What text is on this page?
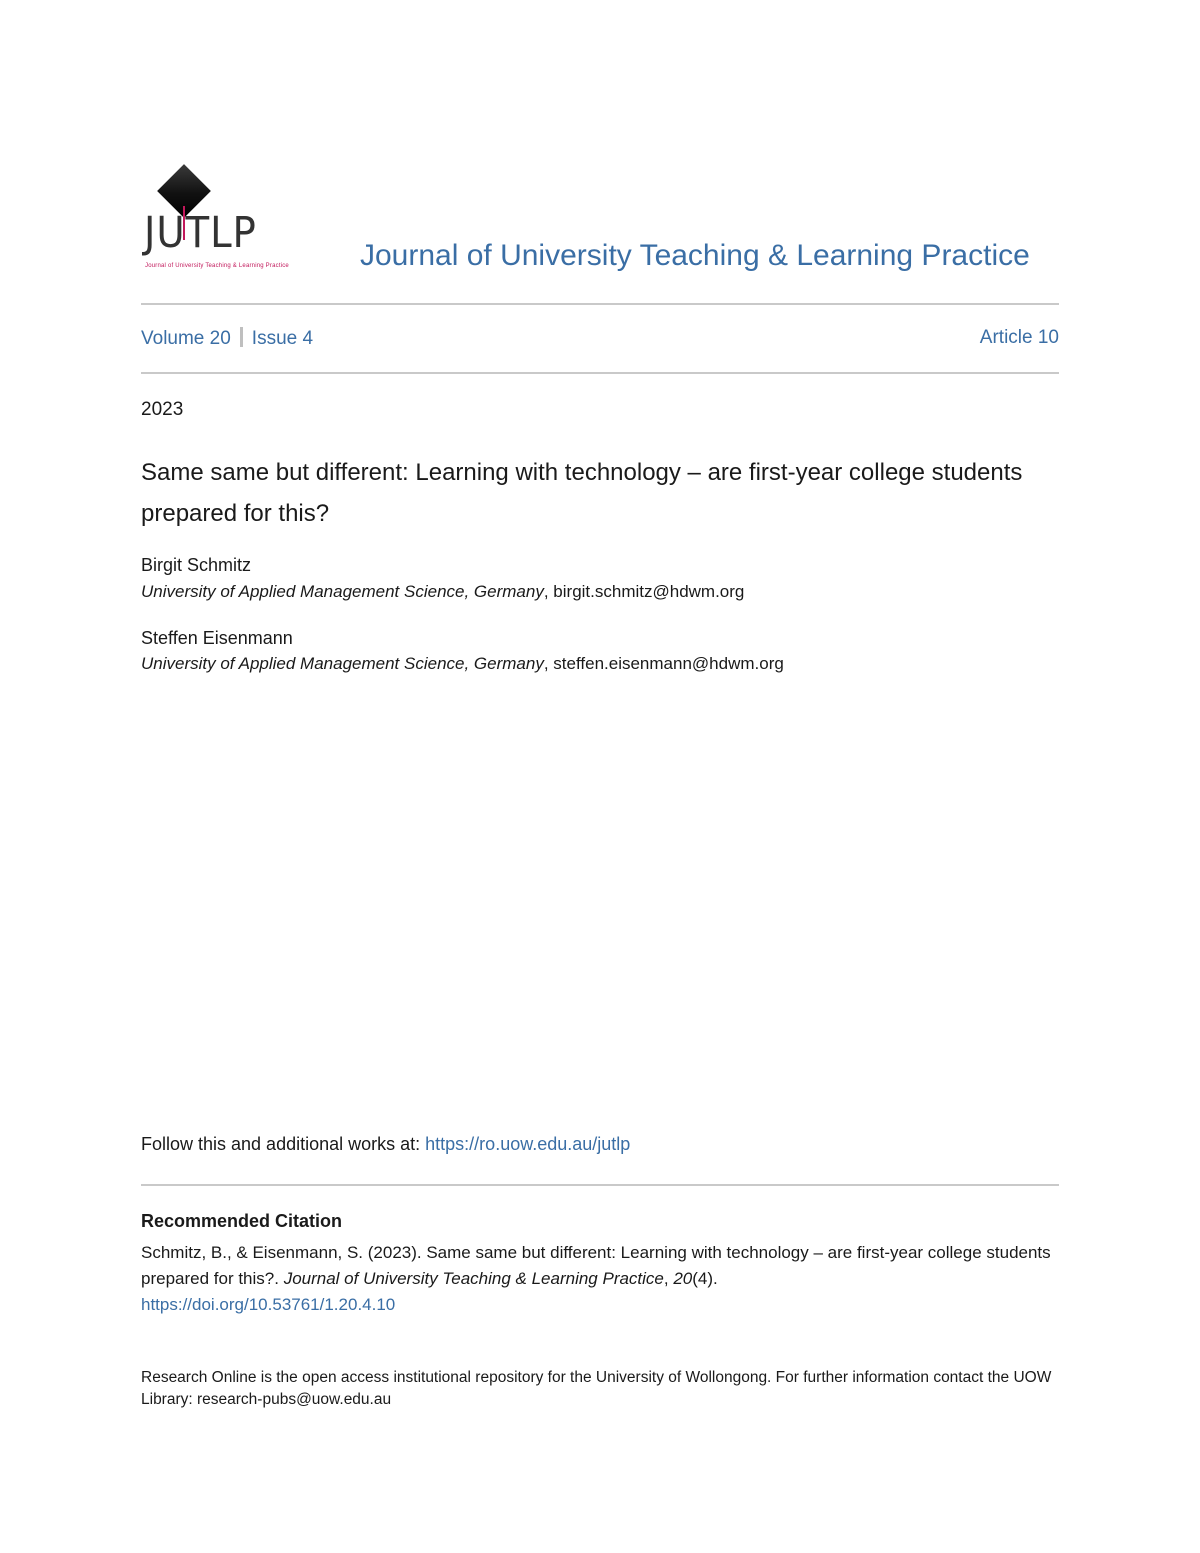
JUTLP
Journal of University Teaching & Learning Practice Journal of University Teaching & Learning Practice
Volume 20 Issue 4	Article 10
2023
Same same but different: Learning with technology – are first-year college students prepared for this?
Birgit Schmitz
University of Applied Management Science, Germany, birgit.schmitz@hdwm.org
Steffen Eisenmann
University of Applied Management Science, Germany, steffen.eisenmann@hdwm.org
Follow this and additional works at: https://ro.uow.edu.au/jutlp
Recommended Citation
Schmitz, B., & Eisenmann, S. (2023). Same same but different: Learning with technology – are first-year college students prepared for this?. Journal of University Teaching & Learning Practice, 20(4).
https://doi.org/10.53761/1.20.4.10
Research Online is the open access institutional repository for the University of Wollongong. For further information contact the UOW Library: research-pubs@uow.edu.au
